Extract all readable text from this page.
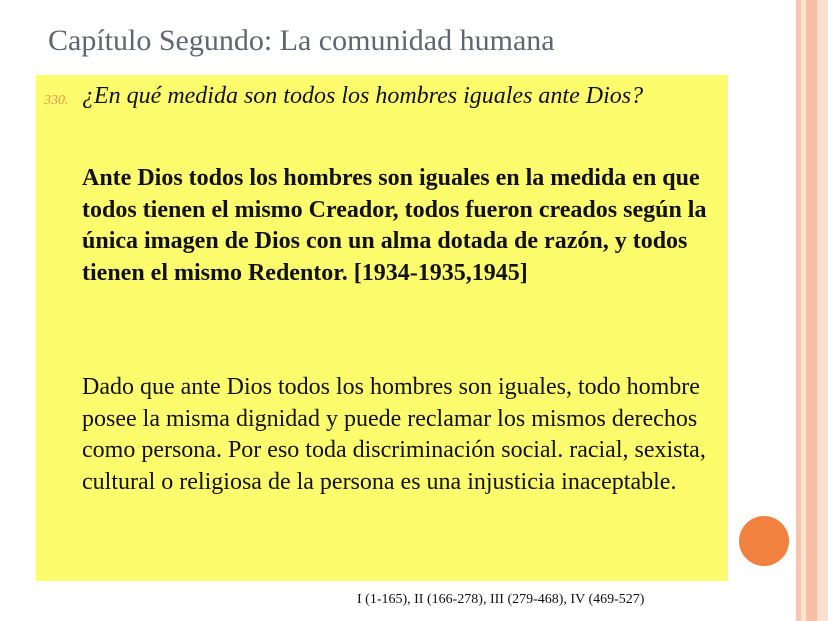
Capítulo Segundo: La comunidad humana
330. ¿En qué medida son todos los hombres iguales ante Dios?

Ante Dios todos los hombres son iguales en la medida en que todos tienen el mismo Creador, todos fueron creados según la única imagen de Dios con un alma dotada de razón, y todos tienen el mismo Redentor. [1934-1935,1945]

Dado que ante Dios todos los hombres son iguales, todo hombre posee la misma dignidad y puede reclamar los mismos derechos como persona. Por eso toda discriminación social. racial, sexista, cultural o religiosa de la persona es una injusticia inaceptable.

I (1-165), II (166-278), III (279-468), IV (469-527)
